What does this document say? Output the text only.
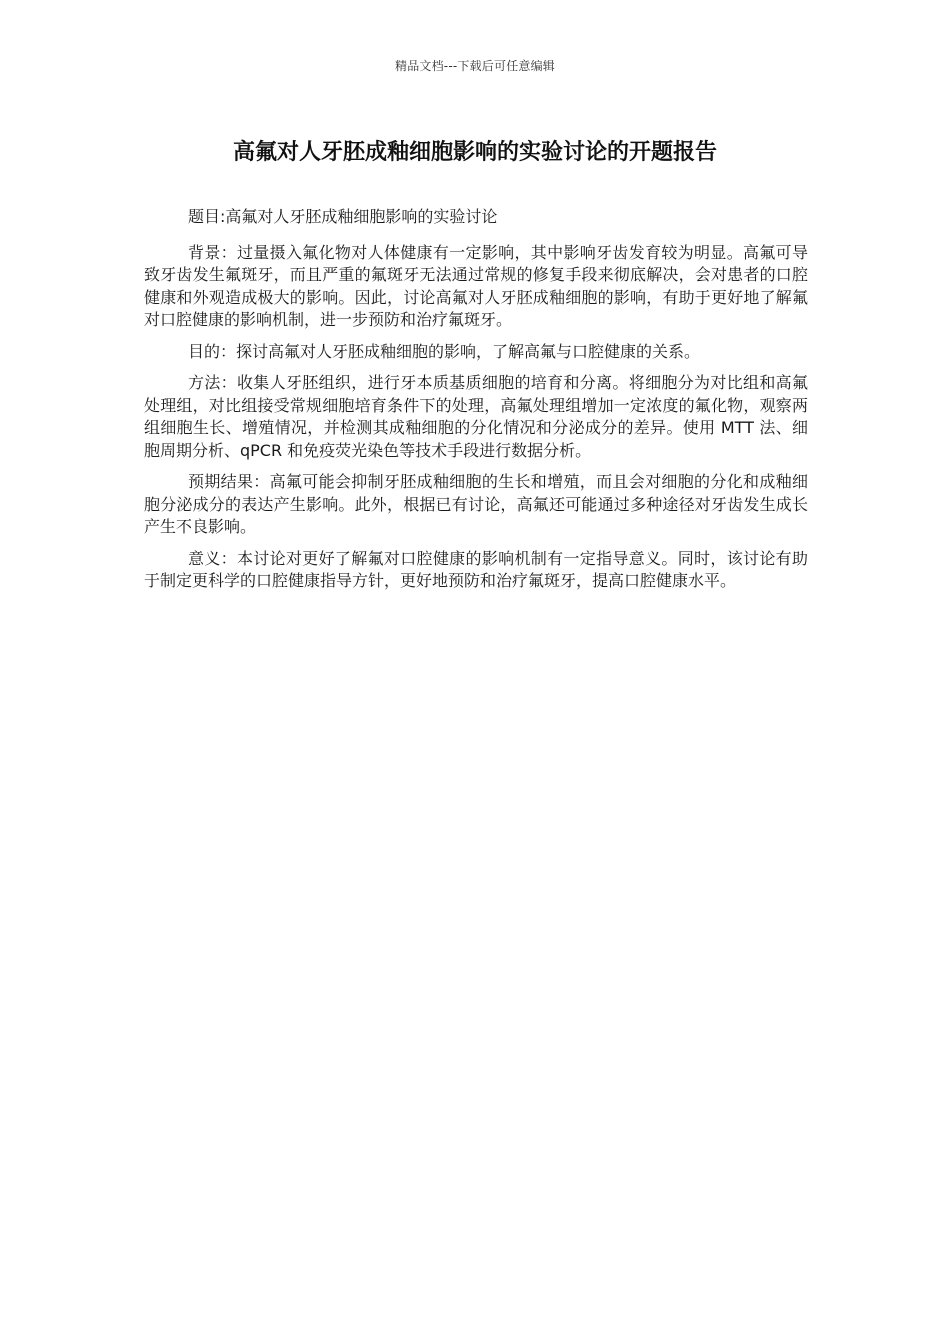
精品文档---下载后可任意编辑
高氟对人牙胚成釉细胞影响的实验讨论的开题报告

题目:高氟对人牙胚成釉细胞影响的实验讨论

背景：过量摄入氟化物对人体健康有一定影响，其中影响牙齿发育较为明显。高氟可导致牙齿发生氟斑牙，而且严重的氟斑牙无法通过常规的修复手段来彻底解决，会对患者的口腔健康和外观造成极大的影响。因此，讨论高氟对人牙胚成釉细胞的影响，有助于更好地了解氟对口腔健康的影响机制，进一步预防和治疗氟斑牙。

目的：探讨高氟对人牙胚成釉细胞的影响，了解高氟与口腔健康的关系。

方法：收集人牙胚组织，进行牙本质基质细胞的培育和分离。将细胞分为对比组和高氟处理组，对比组接受常规细胞培育条件下的处理，高氟处理组增加一定浓度的氟化物，观察两组细胞生长、增殖情况，并检测其成釉细胞的分化情况和分泌成分的差异。使用 MTT 法、细胞周期分析、qPCR 和免疫荧光染色等技术手段进行数据分析。

预期结果：高氟可能会抑制牙胚成釉细胞的生长和增殖，而且会对细胞的分化和成釉细胞分泌成分的表达产生影响。此外，根据已有讨论，高氟还可能通过多种途径对牙齿发生成长产生不良影响。

意义：本讨论对更好了解氟对口腔健康的影响机制有一定指导意义。同时，该讨论有助于制定更科学的口腔健康指导方针，更好地预防和治疗氟斑牙，提高口腔健康水平。
